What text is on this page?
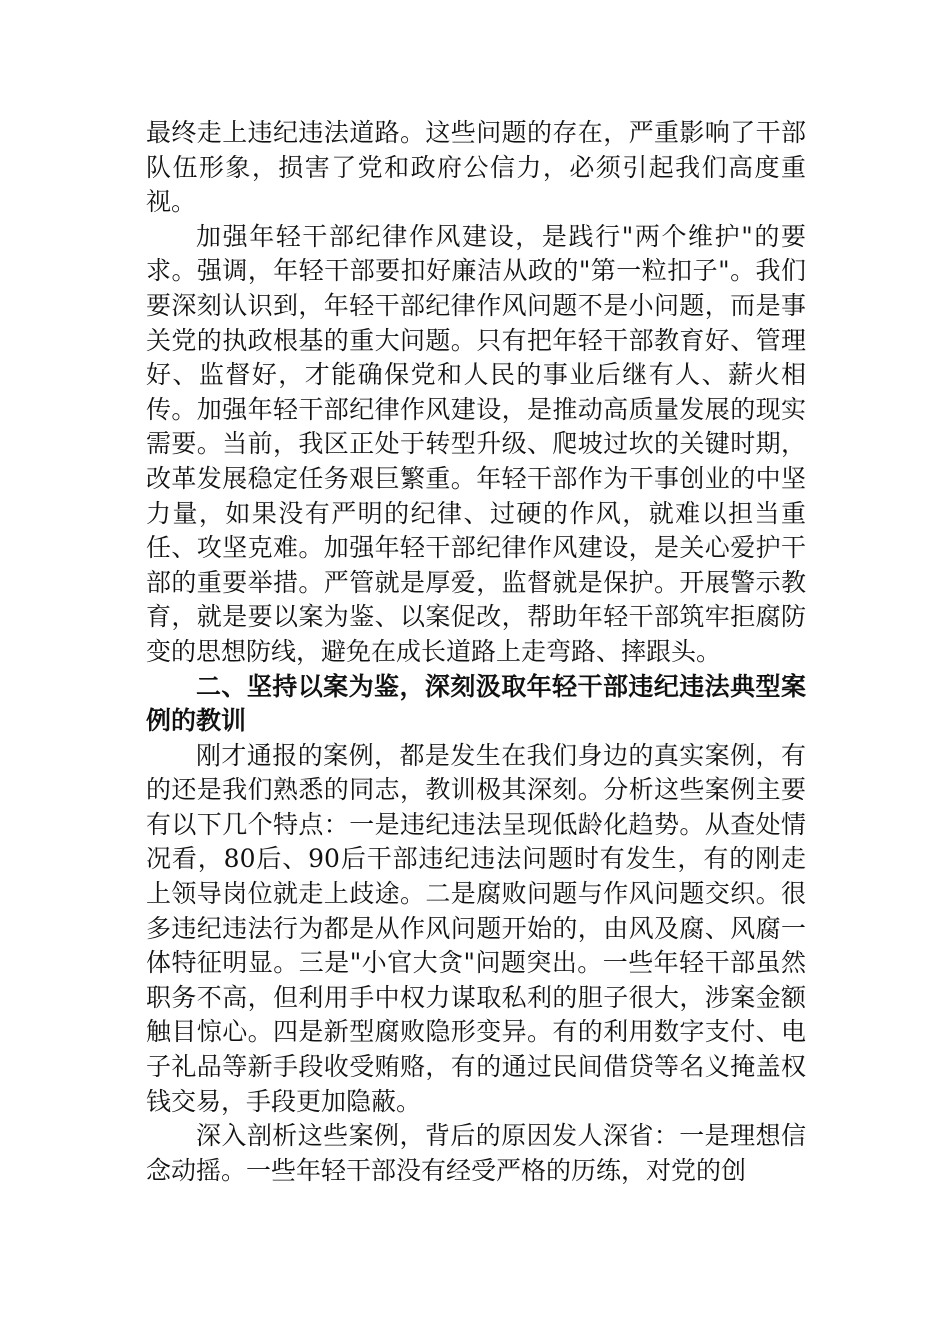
最终走上违纪违法道路。这些问题的存在，严重影响了干部队伍形象，损害了党和政府公信力，必须引起我们高度重视。

加强年轻干部纪律作风建设，是践行"两个维护"的要求。强调，年轻干部要扣好廉洁从政的"第一粒扣子"。我们要深刻认识到，年轻干部纪律作风问题不是小问题，而是事关党的执政根基的重大问题。只有把年轻干部教育好、管理好、监督好，才能确保党和人民的事业后继有人、薪火相传。加强年轻干部纪律作风建设，是推动高质量发展的现实需要。当前，我区正处于转型升级、爬坡过坎的关键时期，改革发展稳定任务艰巨繁重。年轻干部作为干事创业的中坚力量，如果没有严明的纪律、过硬的作风，就难以担当重任、攻坚克难。加强年轻干部纪律作风建设，是关心爱护干部的重要举措。严管就是厚爱，监督就是保护。开展警示教育，就是要以案为鉴、以案促改，帮助年轻干部筑牢拒腐防变的思想防线，避免在成长道路上走弯路、摔跟头。

二、坚持以案为鉴，深刻汲取年轻干部违纪违法典型案例的教训

刚才通报的案例，都是发生在我们身边的真实案例，有的还是我们熟悉的同志，教训极其深刻。分析这些案例主要有以下几个特点：一是违纪违法呈现低龄化趋势。从查处情况看，80后、90后干部违纪违法问题时有发生，有的刚走上领导岗位就走上歧途。二是腐败问题与作风问题交织。很多违纪违法行为都是从作风问题开始的，由风及腐、风腐一体特征明显。三是"小官大贪"问题突出。一些年轻干部虽然职务不高，但利用手中权力谋取私利的胆子很大，涉案金额触目惊心。四是新型腐败隐形变异。有的利用数字支付、电子礼品等新手段收受贿赂，有的通过民间借贷等名义掩盖权钱交易，手段更加隐蔽。

深入剖析这些案例，背后的原因发人深省：一是理想信念动摇。一些年轻干部没有经受严格的历练，对党的创
